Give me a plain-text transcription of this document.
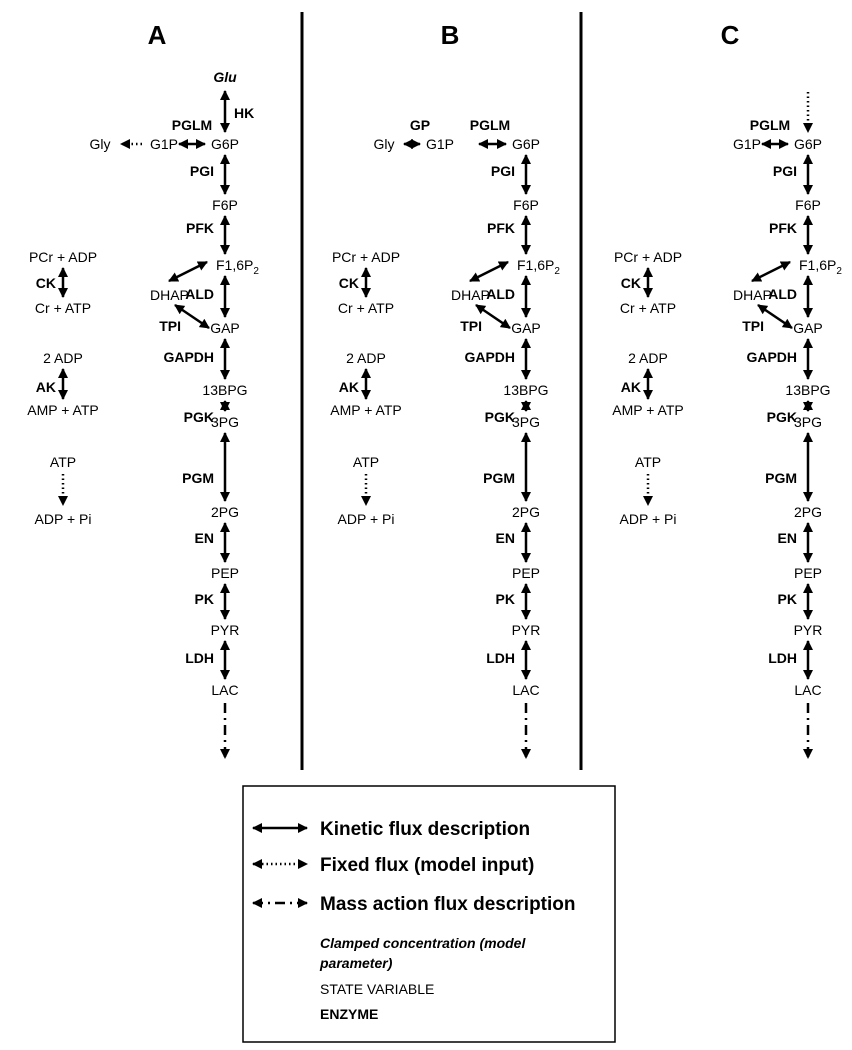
A
G6P
F6P
$F1,6P_2$
GAP
13BPG
3PG
2PG
PEP
PYR
LAC
PGI
PFK
ALD
GAPDH
PGK
PGM
EN
PK
LDH
DHAP
TPI
Glu
HK
G1P
PGLM
Gly
PCr + ADP
CK
Cr + ATP
2 ADP
AK
AMP + ATP
ATP
ADP + Pi
B
G6P
F6P
$F1,6P_2$
GAP
13BPG
3PG
2PG
PEP
PYR
LAC
PGI
PFK
ALD
GAPDH
PGK
PGM
EN
PK
LDH
DHAP
TPI
G1P
PGLM
Gly
GP
PCr + ADP
CK
Cr + ATP
2 ADP
AK
AMP + ATP
ATP
ADP + Pi
C
G6P
F6P
$F1,6P_2$
GAP
13BPG
3PG
2PG
PEP
PYR
LAC
PGI
PFK
ALD
GAPDH
PGK
PGM
EN
PK
LDH
DHAP
TPI
G1P
PGLM
PCr + ADP
CK
Cr + ATP
2 ADP
AK
AMP + ATP
ATP
ADP + Pi
Kinetic flux description
Fixed flux (model input)
Mass action flux description
Clamped concentration (model
parameter)
STATE VARIABLE
ENZYME
